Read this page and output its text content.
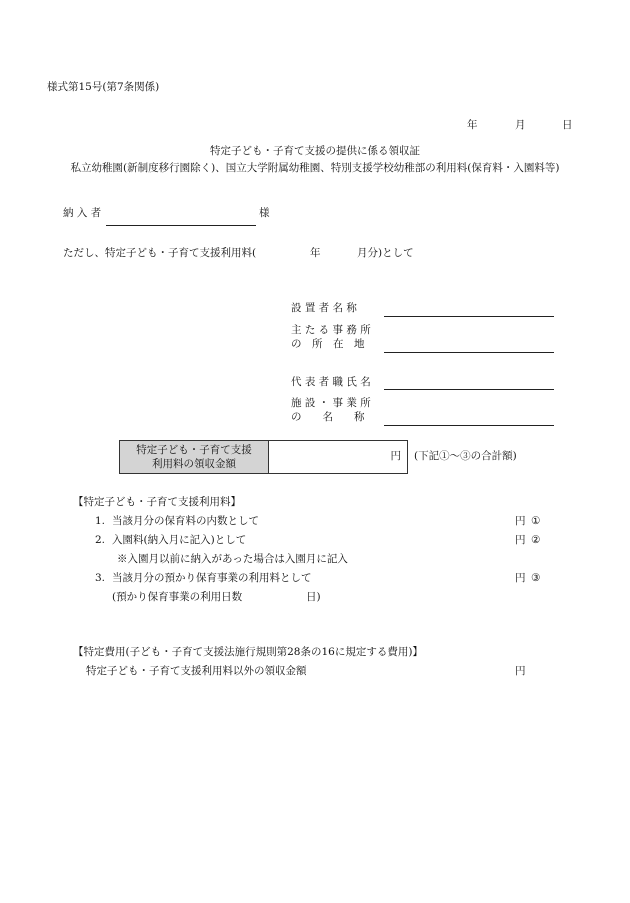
様式第15号(第7条関係)
年	月	日
特定子ども・子育て支援の提供に係る領収証
私立幼稚園(新制度移行園除く)、国立大学附属幼稚園、特別支援学校幼稚部の利用料(保育料・入園料等)
納 入 者	様
ただし、特定子ども・子育て支援利用料(	年	月分)として
設 置 者 名 称
主 た る 事 務 所
の　所　在　地
代 表 者 職 氏 名
施 設 ・ 事 業 所
の　　名　　称
特定子ども・子育て支援
利用料の領収金額
円 (下記①～③の合計額)
【特定子ども・子育て支援利用料】
1. 当該月分の保育料の内数として	円 ①
2. 入園料(納入月に記入)として	円 ②
※入園月以前に納入があった場合は入園月に記入
3. 当該月分の預かり保育事業の利用料として	円 ③
(預かり保育事業の利用日数	日)
【特定費用(子ども・子育て支援法施行規則第28条の16に規定する費用)】
特定子ども・子育て支援利用料以外の領収金額	円
